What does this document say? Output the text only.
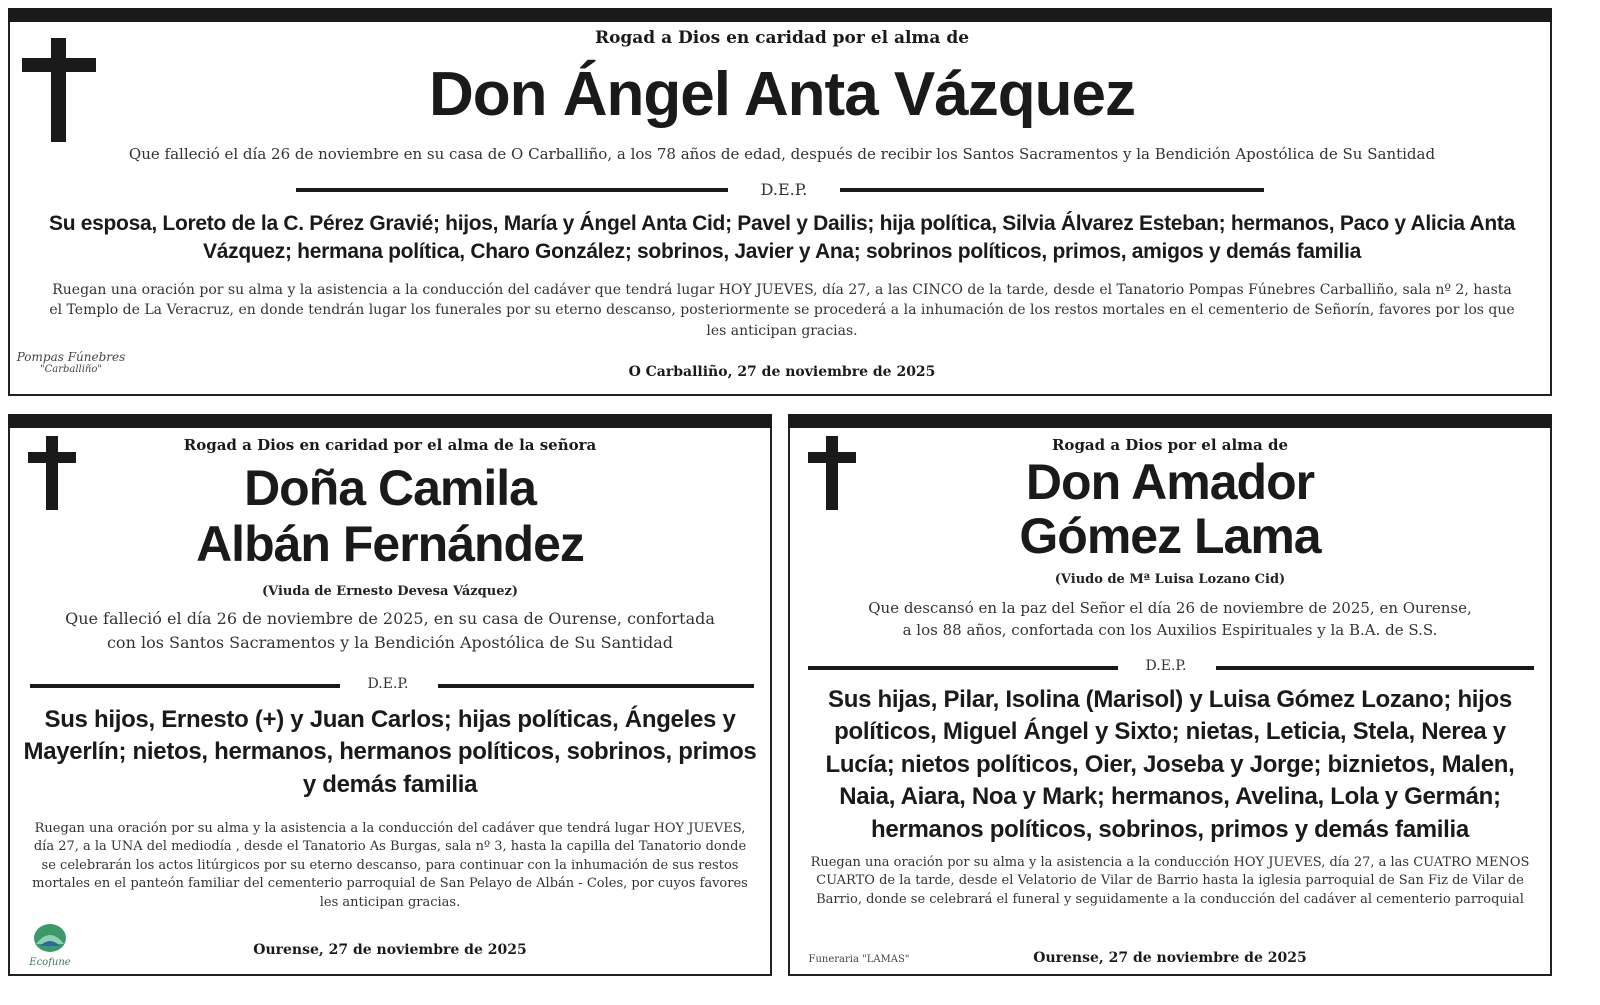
Rogad a Dios en caridad por el alma de
Don Ángel Anta Vázquez
Que falleció el día 26 de noviembre en su casa de O Carballiño, a los 78 años de edad, después de recibir los Santos Sacramentos y la Bendición Apostólica de Su Santidad
D.E.P.
Su esposa, Loreto de la C. Pérez Gravié; hijos, María y Ángel Anta Cid; Pavel y Dailis; hija política, Silvia Álvarez Esteban; hermanos, Paco y Alicia Anta Vázquez; hermana política, Charo González; sobrinos, Javier y Ana; sobrinos políticos, primos, amigos y demás familia
Ruegan una oración por su alma y la asistencia a la conducción del cadáver que tendrá lugar HOY JUEVES, día 27, a las CINCO de la tarde, desde el Tanatorio Pompas Fúnebres Carballiño, sala nº 2, hasta el Templo de La Veracruz, en donde tendrán lugar los funerales por su eterno descanso, posteriormente se procederá a la inhumación de los restos mortales en el cementerio de Señorín, favores por los que les anticipan gracias.
O Carballiño, 27 de noviembre de 2025
Pompas Fúnebres
"Carballiño"
Rogad a Dios en caridad por el alma de la señora
Doña Camila
Albán Fernández
(Viuda de Ernesto Devesa Vázquez)
Que falleció el día 26 de noviembre de 2025, en su casa de Ourense, confortada
con los Santos Sacramentos y la Bendición Apostólica de Su Santidad
D.E.P.
Sus hijos, Ernesto (+) y Juan Carlos; hijas políticas, Ángeles y Mayerlín; nietos, hermanos, hermanos políticos, sobrinos, primos y demás familia
Ruegan una oración por su alma y la asistencia a la conducción del cadáver que tendrá lugar HOY JUEVES, día 27, a la UNA del mediodía , desde el Tanatorio As Burgas, sala nº 3, hasta la capilla del Tanatorio donde se celebrarán los actos litúrgicos por su eterno descanso, para continuar con la inhumación de sus restos mortales en el panteón familiar del cementerio parroquial de San Pelayo de Albán - Coles, por cuyos favores les anticipan gracias.
Ourense, 27 de noviembre de 2025
Ecofune
Rogad a Dios por el alma de
Don Amador
Gómez Lama
(Viudo de Mª Luisa Lozano Cid)
Que descansó en la paz del Señor el día 26 de noviembre de 2025, en Ourense,
a los 88 años, confortada con los Auxilios Espirituales y la B.A. de S.S.
D.E.P.
Sus hijas, Pilar, Isolina (Marisol) y Luisa Gómez Lozano; hijos políticos, Miguel Ángel y Sixto; nietas, Leticia, Stela, Nerea y Lucía; nietos políticos, Oier, Joseba y Jorge; biznietos, Malen, Naia, Aiara, Noa y Mark; hermanos, Avelina, Lola y Germán; hermanos políticos, sobrinos, primos y demás familia
Ruegan una oración por su alma y la asistencia a la conducción HOY JUEVES, día 27, a las CUATRO MENOS CUARTO de la tarde, desde el Velatorio de Vilar de Barrio hasta la iglesia parroquial de San Fiz de Vilar de Barrio, donde se celebrará el funeral y seguidamente a la conducción del cadáver al cementerio parroquial
Ourense, 27 de noviembre de 2025
Funeraria "LAMAS"
